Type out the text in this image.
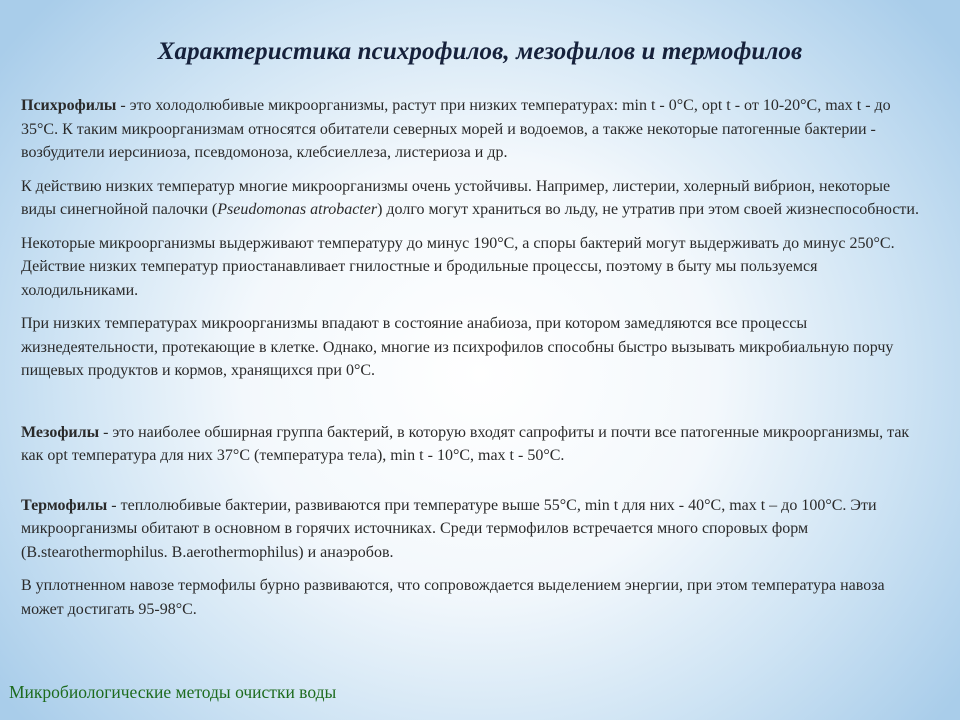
Характеристика психрофилов, мезофилов и термофилов

Психрофилы - это холодолюбивые микроорганизмы, растут при низких температурах: min t - 0°С, opt t - от 10-20°С, max t - до 35°С. К таким микроорганизмам относятся обитатели северных морей и водоемов, а также некоторые патогенные бактерии - возбудители иерсиниоза, псевдомоноза, клебсиеллеза, листериоза и др.

К действию низких температур многие микроорганизмы очень устойчивы. Например, листерии, холерный вибрион, некоторые виды синегнойной палочки (Pseudomonas atrobacter) долго могут храниться во льду, не утратив при этом своей жизнеспособности.

Некоторые микроорганизмы выдерживают температуру до минус 190°С, а споры бактерий могут выдерживать до минус 250°С. Действие низких температур приостанавливает гнилостные и бродильные процессы, поэтому в быту мы пользуемся холодильниками.

При низких температурах микроорганизмы впадают в состояние анабиоза, при котором замедляются все процессы жизнедеятельности, протекающие в клетке. Однако, многие из психрофилов способны быстро вызывать микробиальную порчу пищевых продуктов и кормов, хранящихся при 0°С.

Мезофилы - это наиболее обширная группа бактерий, в которую входят сапрофиты и почти все патогенные микроорганизмы, так как opt температура для них 37°С (температура тела), min t - 10°С, max t - 50°С.

Термофилы - теплолюбивые бактерии, развиваются при температуре выше 55°С, min t для них - 40°С, max t – до 100°С. Эти микроорганизмы обитают в основном в горячих источниках. Среди термофилов встречается много споровых форм (B.stearothermophilus. B.aerothermophilus) и анаэробов.

В уплотненном навозе термофилы бурно развиваются, что сопровождается выделением энергии, при этом температура навоза может достигать 95-98°С.

Микробиологические методы очистки воды
